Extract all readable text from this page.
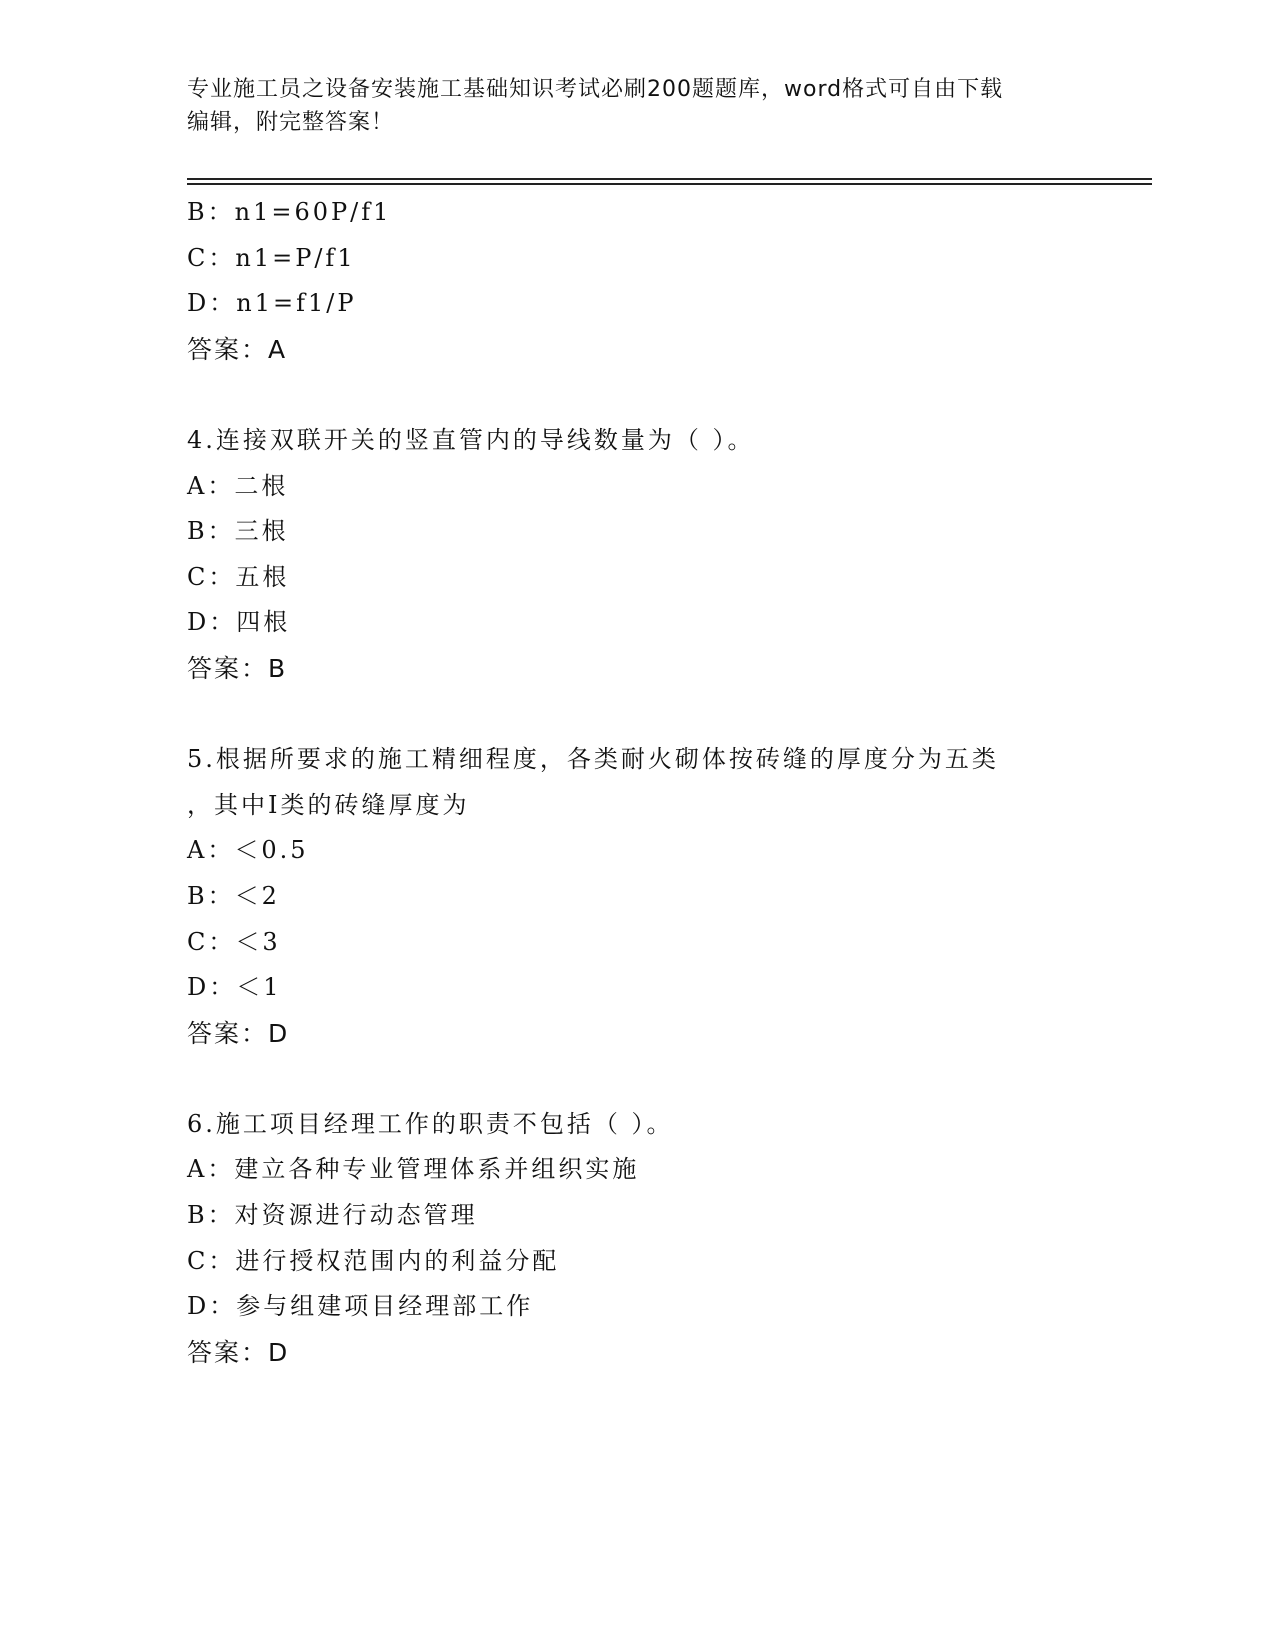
专业施工员之设备安装施工基础知识考试必刷200题题库，word格式可自由下载
编辑，附完整答案！
B：n1=60P/f1
C：n1=P/f1
D：n1=f1/P
答案：A
4.连接双联开关的竖直管内的导线数量为（ ）。
A：二根
B：三根
C：五根
D：四根
答案：B
5.根据所要求的施工精细程度，各类耐火砌体按砖缝的厚度分为五类
，其中Ⅰ类的砖缝厚度为
A：＜0.5
B：＜2
C：＜3
D：＜1
答案：D
6.施工项目经理工作的职责不包括（ ）。
A：建立各种专业管理体系并组织实施
B：对资源进行动态管理
C：进行授权范围内的利益分配
D：参与组建项目经理部工作
答案：D
